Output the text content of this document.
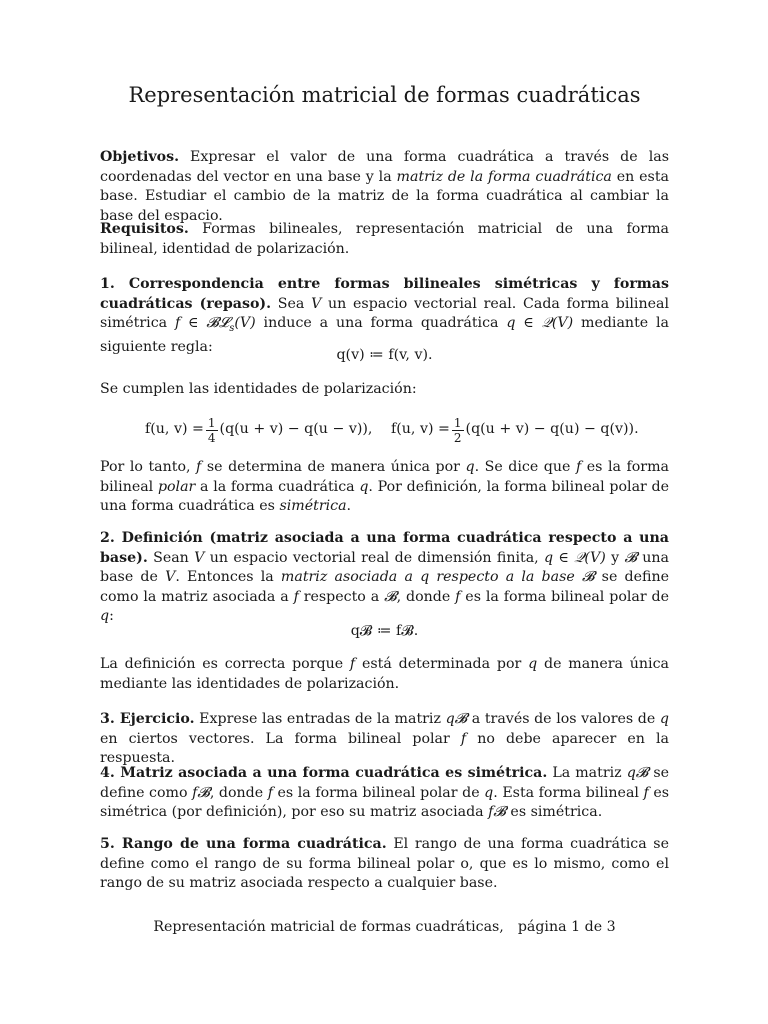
Representación matricial de formas cuadráticas

Objetivos. Expresar el valor de una forma cuadrática a través de las coordenadas del vector en una base y la matriz de la forma cuadrática en esta base. Estudiar el cambio de la matriz de la forma cuadrática al cambiar la base del espacio.

Requisitos. Formas bilineales, representación matricial de una forma bilineal, identidad de polarización.

1. Correspondencia entre formas bilineales simétricas y formas cuadráticas (repaso). Sea V un espacio vectorial real. Cada forma bilineal simétrica f ∈ 𝓑𝓛$_s$(V) induce a una forma quadrática q ∈ 𝒬(V) mediante la siguiente regla:	q(v) ≔ f(v, v).

Se cumplen las identidades de polarización:

f(u, $v) = \frac{1}{4} (q(u + v) - q(u - v))$, f(u, $v) = \frac{1}{2} (q(u + v) - q(u) - q(v))$.

Por lo tanto, f se determina de manera única por q. Se dice que f es la forma bilineal polar a la forma cuadrática q. Por definición, la forma bilineal polar de una forma cuadrática es simétrica.

2. Definición (matriz asociada a una forma cuadrática respecto a una base). Sean V un espacio vectorial real de dimensión finita, q ∈ 𝒬(V) y 𝓑 una base de V. Entonces la matriz asociada a q respecto a la base 𝓑 se define como la matriz asociada a f respecto a 𝓑, donde f es la forma bilineal polar de q:

q𝓑 ≔ f𝓑.

La definición es correcta porque f está determinada por q de manera única mediante las identidades de polarización.

3. Ejercicio. Exprese las entradas de la matriz q𝓑 a través de los valores de q en ciertos vectores. La forma bilineal polar f no debe aparecer en la respuesta.

4. Matriz asociada a una forma cuadrática es simétrica. La matriz q𝓑 se define como f𝓑, donde f es la forma bilineal polar de q. Esta forma bilineal f es simétrica (por definición), por eso su matriz asociada f𝓑 es simétrica.

5. Rango de una forma cuadrática. El rango de una forma cuadrática se define como el rango de su forma bilineal polar o, que es lo mismo, como el rango de su matriz asociada respecto a cualquier base.

Representación matricial de formas cuadráticas, página 1 de 3
